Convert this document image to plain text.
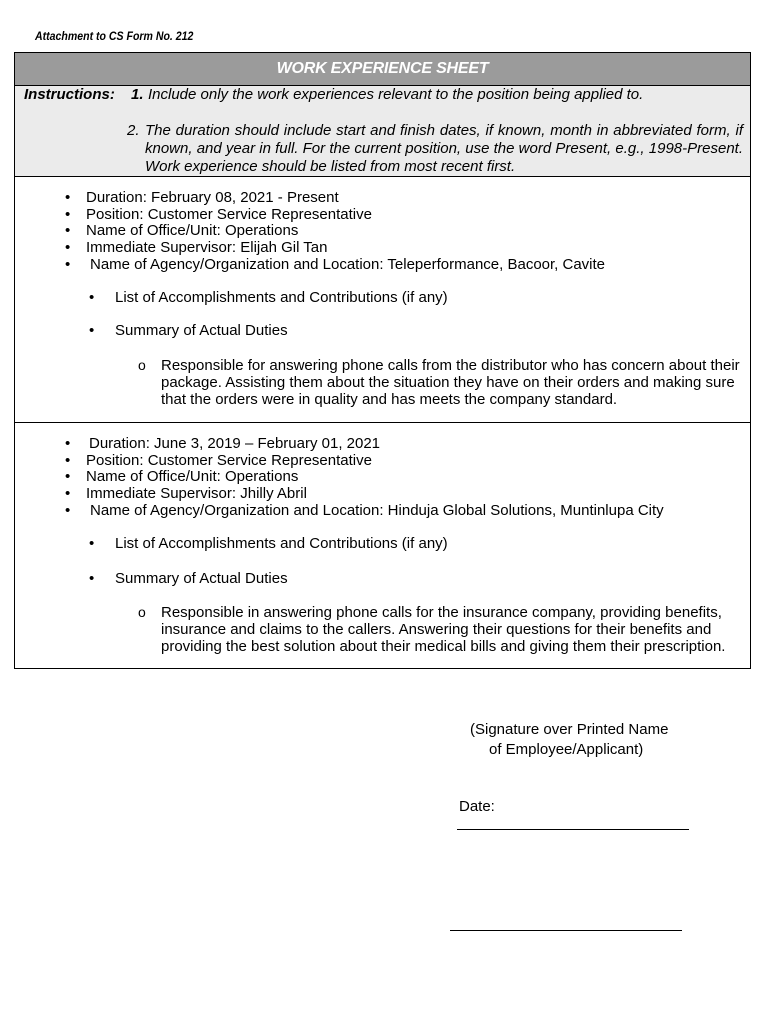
Attachment to CS Form No. 212
WORK EXPERIENCE SHEET
Instructions: 1. Include only the work experiences relevant to the position being applied to.
2. The duration should include start and finish dates, if known, month in abbreviated form, if known, and year in full. For the current position, use the word Present, e.g., 1998-Present. Work experience should be listed from most recent first.
• Duration: February 08, 2021 - Present
• Position: Customer Service Representative
• Name of Office/Unit: Operations
• Immediate Supervisor: Elijah Gil Tan
• Name of Agency/Organization and Location: Teleperformance, Bacoor, Cavite
• List of Accomplishments and Contributions (if any)
• Summary of Actual Duties
o Responsible for answering phone calls from the distributor who has concern about their package. Assisting them about the situation they have on their orders and making sure that the orders were in quality and has meets the company standard.
• Duration: June 3, 2019 – February 01, 2021
• Position: Customer Service Representative
• Name of Office/Unit: Operations
• Immediate Supervisor: Jhilly Abril
• Name of Agency/Organization and Location: Hinduja Global Solutions, Muntinlupa City
• List of Accomplishments and Contributions (if any)
• Summary of Actual Duties
o Responsible in answering phone calls for the insurance company, providing benefits, insurance and claims to the callers. Answering their questions for their benefits and providing the best solution about their medical bills and giving them their prescription.
(Signature over Printed Name
of Employee/Applicant)
Date:
